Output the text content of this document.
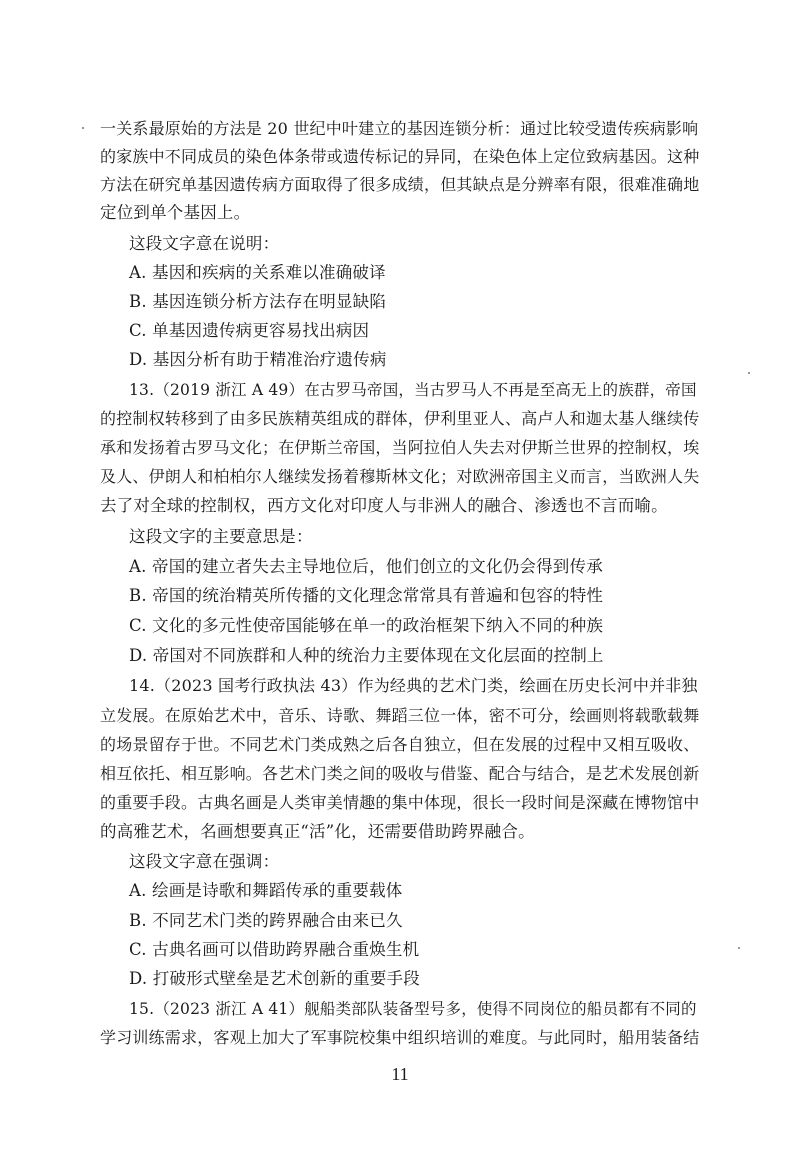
一关系最原始的方法是 20 世纪中叶建立的基因连锁分析：通过比较受遗传疾病影响
的家族中不同成员的染色体条带或遗传标记的异同，在染色体上定位致病基因。这种
方法在研究单基因遗传病方面取得了很多成绩，但其缺点是分辨率有限，很难准确地
定位到单个基因上。
这段文字意在说明：
A. 基因和疾病的关系难以准确破译
B. 基因连锁分析方法存在明显缺陷
C. 单基因遗传病更容易找出病因
D. 基因分析有助于精准治疗遗传病
13.（2019 浙江 A 49）在古罗马帝国，当古罗马人不再是至高无上的族群，帝国
的控制权转移到了由多民族精英组成的群体，伊利里亚人、高卢人和迦太基人继续传
承和发扬着古罗马文化；在伊斯兰帝国，当阿拉伯人失去对伊斯兰世界的控制权，埃
及人、伊朗人和柏柏尔人继续发扬着穆斯林文化；对欧洲帝国主义而言，当欧洲人失
去了对全球的控制权，西方文化对印度人与非洲人的融合、渗透也不言而喻。
这段文字的主要意思是：
A. 帝国的建立者失去主导地位后，他们创立的文化仍会得到传承
B. 帝国的统治精英所传播的文化理念常常具有普遍和包容的特性
C. 文化的多元性使帝国能够在单一的政治框架下纳入不同的种族
D. 帝国对不同族群和人种的统治力主要体现在文化层面的控制上
14.（2023 国考行政执法 43）作为经典的艺术门类，绘画在历史长河中并非独
立发展。在原始艺术中，音乐、诗歌、舞蹈三位一体，密不可分，绘画则将载歌载舞
的场景留存于世。不同艺术门类成熟之后各自独立，但在发展的过程中又相互吸收、
相互依托、相互影响。各艺术门类之间的吸收与借鉴、配合与结合，是艺术发展创新
的重要手段。古典名画是人类审美情趣的集中体现，很长一段时间是深藏在博物馆中
的高雅艺术，名画想要真正“活”化，还需要借助跨界融合。
这段文字意在强调：
A. 绘画是诗歌和舞蹈传承的重要载体
B. 不同艺术门类的跨界融合由来已久
C. 古典名画可以借助跨界融合重焕生机
D. 打破形式壁垒是艺术创新的重要手段
15.（2023 浙江 A 41）舰船类部队装备型号多，使得不同岗位的船员都有不同的
学习训练需求，客观上加大了军事院校集中组织培训的难度。与此同时，船用装备结
11
